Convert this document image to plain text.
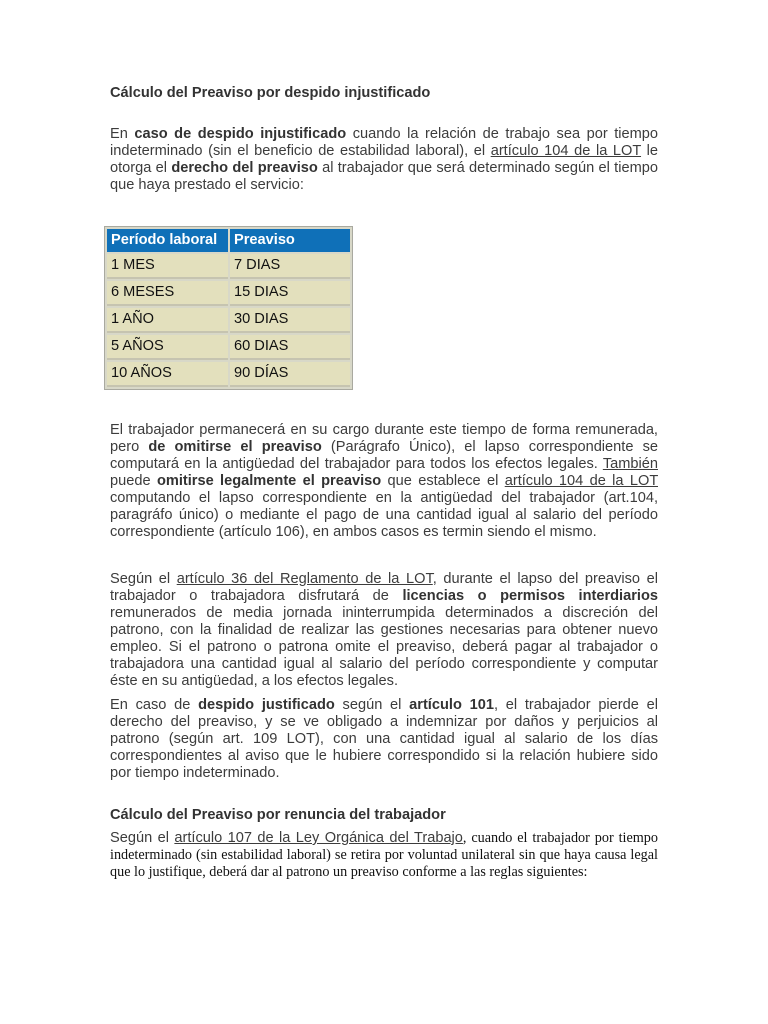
Cálculo del Preaviso por despido injustificado

En caso de despido injustificado cuando la relación de trabajo sea por tiempo indeterminado (sin el beneficio de estabilidad laboral), el artículo 104 de la LOT le otorga el derecho del preaviso al trabajador que será determinado según el tiempo que haya prestado el servicio:

Período laboral	Preaviso
1 MES	7 DIAS
6 MESES	15 DIAS
1 AÑO	30 DIAS
5 AÑOS	60 DIAS
10 AÑOS	90 DÍAS

El trabajador permanecerá en su cargo durante este tiempo de forma remunerada, pero de omitirse el preaviso (Parágrafo Único), el lapso correspondiente se computará en la antigüedad del trabajador para todos los efectos legales. También puede omitirse legalmente el preaviso que establece el artículo 104 de la LOT computando el lapso correspondiente en la antigüedad del trabajador (art.104, paragráfo único) o mediante el pago de una cantidad igual al salario del período correspondiente (artículo 106), en ambos casos es termin siendo el mismo.

Según el artículo 36 del Reglamento de la LOT, durante el lapso del preaviso el trabajador o trabajadora disfrutará de licencias o permisos interdiarios remunerados de media jornada ininterrumpida determinados a discreción del patrono, con la finalidad de realizar las gestiones necesarias para obtener nuevo empleo. Si el patrono o patrona omite el preaviso, deberá pagar al trabajador o trabajadora una cantidad igual al salario del período correspondiente y computar éste en su antigüedad, a los efectos legales.

En caso de despido justificado según el artículo 101, el trabajador pierde el derecho del preaviso, y se ve obligado a indemnizar por daños y perjuicios al patrono (según art. 109 LOT), con una cantidad igual al salario de los días correspondientes al aviso que le hubiere correspondido si la relación hubiere sido por tiempo indeterminado.

Cálculo del Preaviso por renuncia del trabajador

Según el artículo 107 de la Ley Orgánica del Trabajo, cuando el trabajador por tiempo indeterminado (sin estabilidad laboral) se retira por voluntad unilateral sin que haya causa legal que lo justifique, deberá dar al patrono un preaviso conforme a las reglas siguientes:
